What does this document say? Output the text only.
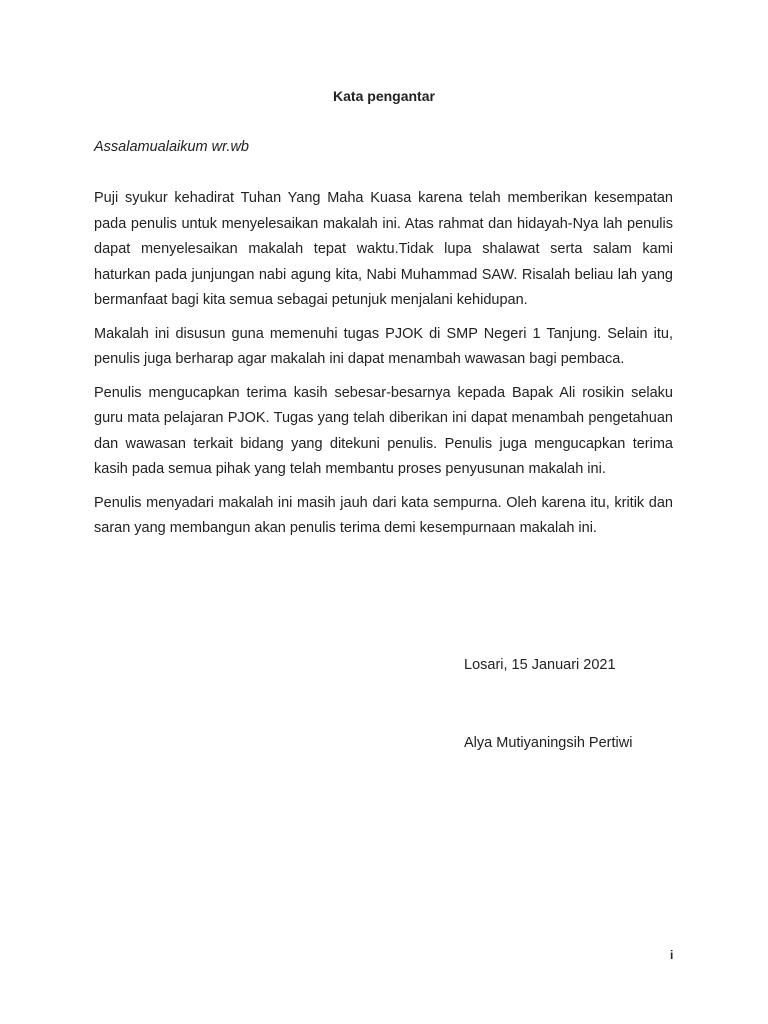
Kata pengantar
Assalamualaikum wr.wb

Puji syukur kehadirat Tuhan Yang Maha Kuasa karena telah memberikan kesempatan pada penulis untuk menyelesaikan makalah ini. Atas rahmat dan hidayah-Nya lah penulis dapat menyelesaikan makalah tepat waktu.Tidak lupa shalawat serta salam kami haturkan pada junjungan nabi agung kita, Nabi Muhammad SAW. Risalah beliau lah yang bermanfaat bagi kita semua sebagai petunjuk menjalani kehidupan.

Makalah ini disusun guna memenuhi tugas PJOK di SMP Negeri 1 Tanjung. Selain itu, penulis juga berharap agar makalah ini dapat menambah wawasan bagi pembaca.

Penulis mengucapkan terima kasih sebesar-besarnya kepada Bapak Ali rosikin selaku guru mata pelajaran PJOK. Tugas yang telah diberikan ini dapat menambah pengetahuan dan wawasan terkait bidang yang ditekuni penulis. Penulis juga mengucapkan terima kasih pada semua pihak yang telah membantu proses penyusunan makalah ini.

Penulis menyadari makalah ini masih jauh dari kata sempurna. Oleh karena itu, kritik dan saran yang membangun akan penulis terima demi kesempurnaan makalah ini.

Losari, 15 Januari 2021
Alya Mutiyaningsih Pertiwi
i
